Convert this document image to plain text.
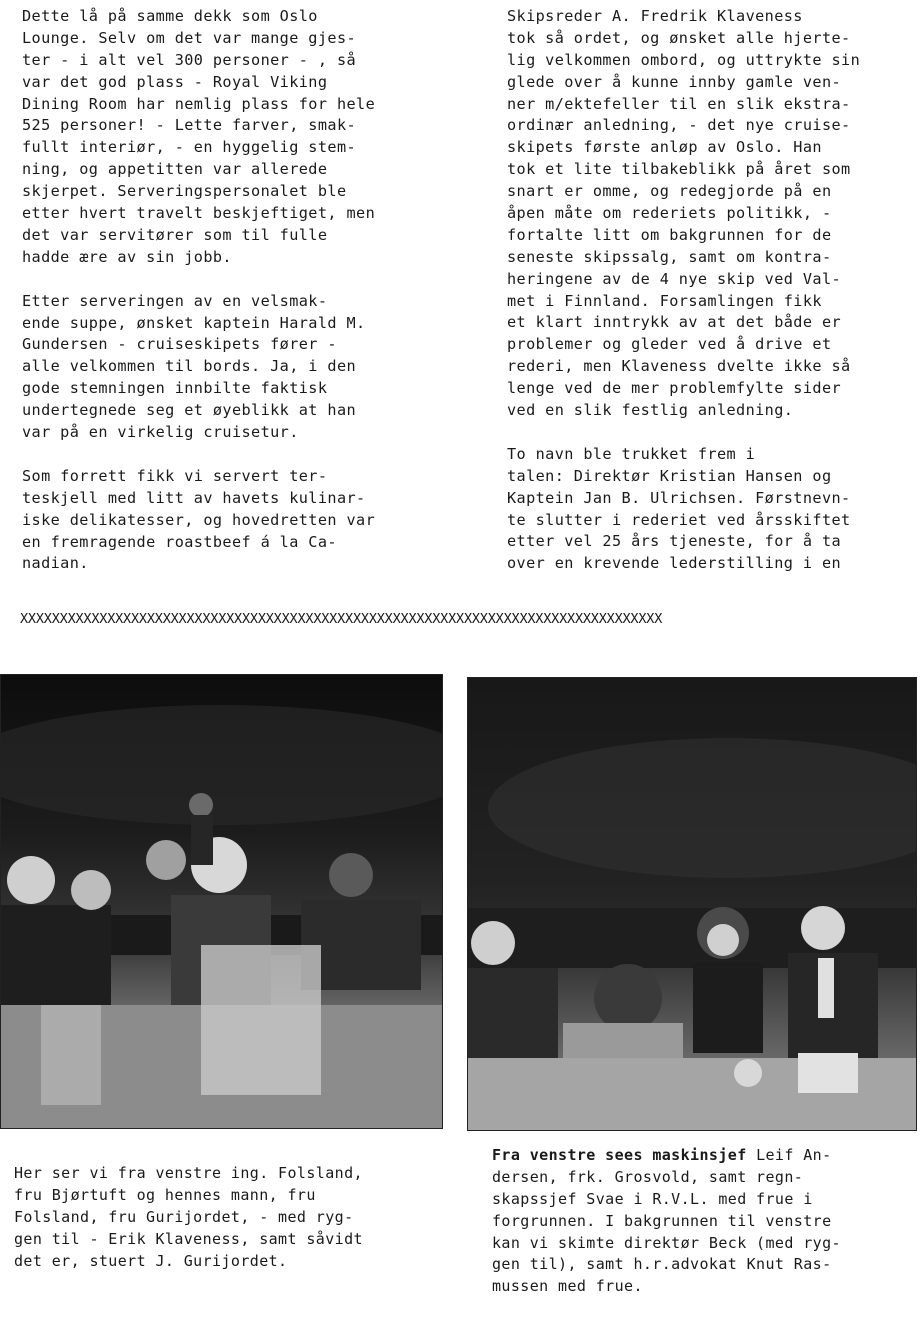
Dette lå på samme dekk som Oslo
Lounge. Selv om det var mange gjes-
ter - i alt vel 300 personer - , så
var det god plass - Royal Viking
Dining Room har nemlig plass for hele
525 personer! - Lette farver, smak-
fullt interiør, - en hyggelig stem-
ning, og appetitten var allerede
skjerpet. Serveringspersonalet ble
etter hvert travelt beskjeftiget, men
det var servitører som til fulle
hadde ære av sin jobb.
Etter serveringen av en velsmak-
ende suppe, ønsket kaptein Harald M.
Gundersen - cruiseskipets fører -
alle velkommen til bords. Ja, i den
gode stemningen innbilte faktisk
undertegnede seg et øyeblikk at han
var på en virkelig cruisetur.
Som forrett fikk vi servert ter-
teskjell med litt av havets kulinar-
iske delikatesser, og hovedretten var
en fremragende roastbeef á la Ca-
nadian.
Skipsreder A. Fredrik Klaveness
tok så ordet, og ønsket alle hjerte-
lig velkommen ombord, og uttrykte sin
glede over å kunne innby gamle ven-
ner m/ektefeller til en slik ekstra-
ordinær anledning, - det nye cruise-
skipets første anløp av Oslo. Han
tok et lite tilbakeblikk på året som
snart er omme, og redegjorde på en
åpen måte om rederiets politikk, -
fortalte litt om bakgrunnen for de
seneste skipssalg, samt om kontra-
heringene av de 4 nye skip ved Val-
met i Finnland. Forsamlingen fikk
et klart inntrykk av at det både er
problemer og gleder ved å drive et
rederi, men Klaveness dvelte ikke så
lenge ved de mer problemfylte sider
ved en slik festlig anledning.
To navn ble trukket frem i
talen: Direktør Kristian Hansen og
Kaptein Jan B. Ulrichsen. Førstnevn-
te slutter i rederiet ved årsskiftet
etter vel 25 års tjeneste, for å ta
over en krevende lederstilling i en
XXXXXXXXXXXXXXXXXXXXXXXXXXXXXXXXXXXXXXXXXXXXXXXXXXXXXXXXXXXXXXXXXXXXXXXXXXXXXXXXX
Her ser vi fra venstre ing. Folsland,
fru Bjørtuft og hennes mann, fru
Folsland, fru Gurijordet, - med ryg-
gen til - Erik Klaveness, samt såvidt
det er, stuert J. Gurijordet.
Fra venstre sees maskinsjef Leif An-
dersen, frk. Grosvold, samt regn-
skapssjef Svae i R.V.L. med frue i
forgrunnen. I bakgrunnen til venstre
kan vi skimte direktør Beck (med ryg-
gen til), samt h.r.advokat Knut Ras-
mussen med frue.
